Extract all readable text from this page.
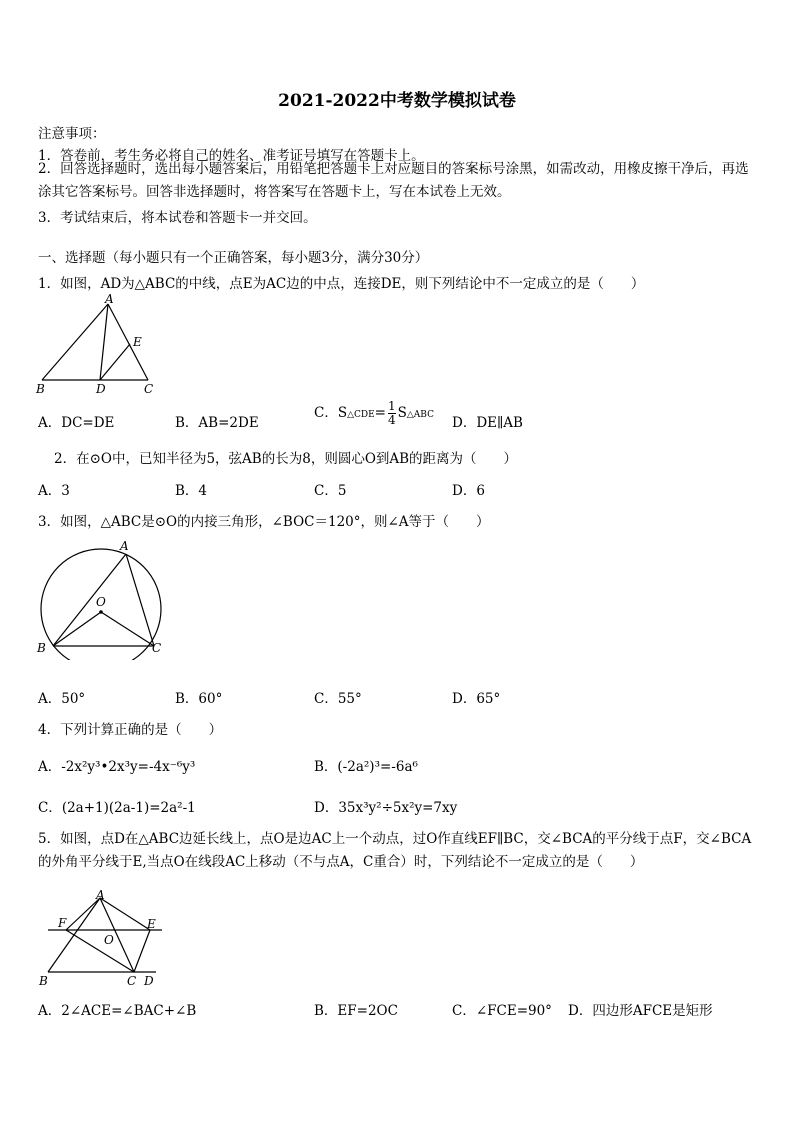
2021-2022中考数学模拟试卷
注意事项：
1．答卷前，考生务必将自己的姓名、准考证号填写在答题卡上。
2．回答选择题时，选出每小题答案后，用铅笔把答题卡上对应题目的答案标号涂黑，如需改动，用橡皮擦干净后，再选涂其它答案标号。回答非选择题时，将答案写在答题卡上，写在本试卷上无效。
3．考试结束后，将本试卷和答题卡一并交回。
一、选择题（每小题只有一个正确答案，每小题3分，满分30分）
1．如图，AD为△ABC的中线，点E为AC边的中点，连接DE，则下列结论中不一定成立的是（　　）
A
E
B	D	C
A．DC=DE	B．AB=2DE
C．S△CDE= $\frac{1}{4}$ S△ABC D．DE∥AB
2．在⊙O中，已知半径为5，弦AB的长为8，则圆心O到AB的距离为（　　）
A．3	B．4	C．5	D．6
3．如图，△ABC是⊙O的内接三角形，∠BOC＝120°，则∠A等于（　　）
A
O
B	C
A．50°	B．60°	C．55°	D．65°
4．下列计算正确的是（　　）
A．-2x²y³•2x³y=-4x⁻⁶y³	B．(-2a²)³=-6a⁶
C．(2a+1)(2a-1)=2a²-1	D．35x³y²÷5x²y=7xy
5．如图，点D在△ABC边延长线上，点O是边AC上一个动点，过O作直线EF∥BC，交∠BCA的平分线于点F，交∠BCA的外角平分线于E,当点O在线段AC上移动（不与点A，C重合）时，下列结论不一定成立的是（　　）
A
F	E
O
B	C D
A．2∠ACE=∠BAC+∠B	B．EF=2OC	C．∠FCE=90° D．四边形AFCE是矩形
